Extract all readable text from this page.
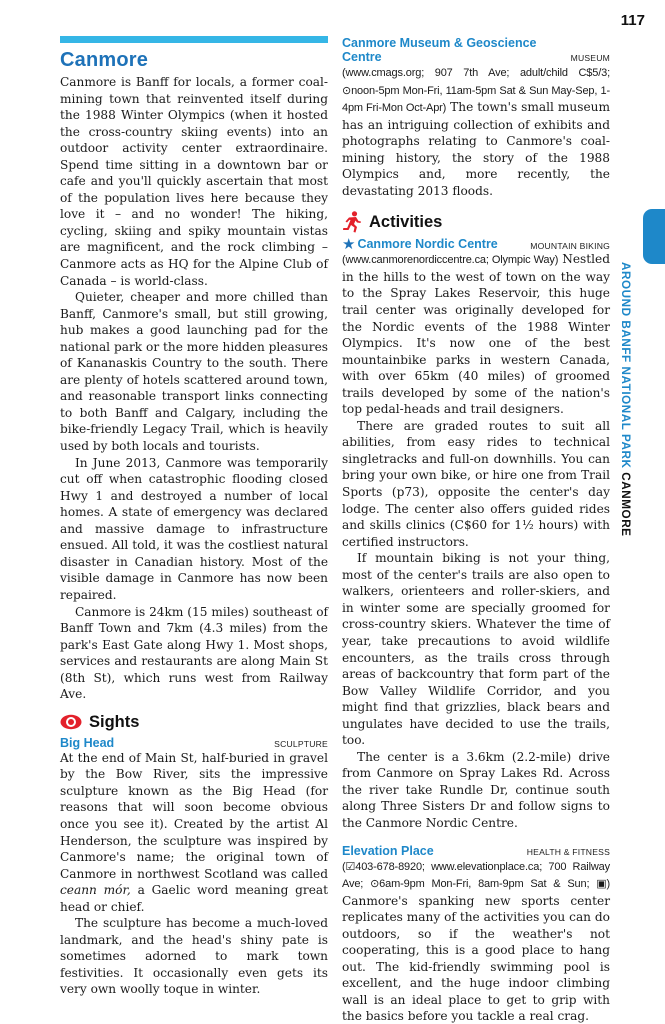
117
AROUND BANFF NATIONAL PARK CANMORE
Canmore

Canmore is Banff for locals, a former coal-mining town that reinvented itself during the 1988 Winter Olympics (when it hosted the cross-country skiing events) into an outdoor activity center extraordinaire. Spend time sitting in a downtown bar or cafe and you'll quickly ascertain that most of the population lives here because they love it – and no wonder! The hiking, cycling, skiing and spiky mountain vistas are magnificent, and the rock climbing – Canmore acts as HQ for the Alpine Club of Canada – is world-class.

Quieter, cheaper and more chilled than Banff, Canmore's small, but still growing, hub makes a good launching pad for the national park or the more hidden pleasures of Kananaskis Country to the south. There are plenty of hotels scattered around town, and reasonable transport links connecting to both Banff and Calgary, including the bike-friendly Legacy Trail, which is heavily used by both locals and tourists.

In June 2013, Canmore was temporarily cut off when catastrophic flooding closed Hwy 1 and destroyed a number of local homes. A state of emergency was declared and massive damage to infrastructure ensued. All told, it was the costliest natural disaster in Canadian history. Most of the visible damage in Canmore has now been repaired.

Canmore is 24km (15 miles) southeast of Banff Town and 7km (4.3 miles) from the park's East Gate along Hwy 1. Most shops, services and restaurants are along Main St (8th St), which runs west from Railway Ave.

Sights
Big Head	SCULPTURE

At the end of Main St, half-buried in gravel by the Bow River, sits the impressive sculpture known as the Big Head (for reasons that will soon become obvious once you see it). Created by the artist Al Henderson, the sculpture was inspired by Canmore's name; the original town of Canmore in northwest Scotland was called ceann mór, a Gaelic word meaning great head or chief.

The sculpture has become a much-loved landmark, and the head's shiny pate is sometimes adorned to mark town festivities. It occasionally even gets its very own woolly toque in winter.

Canmore Museum & Geoscience
Centre	MUSEUM

(www.cmags.org; 907 7th Ave; adult/child C$5/3; ⊙noon-5pm Mon-Fri, 11am-5pm Sat & Sun May-Sep, 1-4pm Fri-Mon Oct-Apr) The town's small museum has an intriguing collection of exhibits and photographs relating to Canmore's coal-mining history, the story of the 1988 Olympics and, more recently, the devastating 2013 floods.

Activities
★ Canmore Nordic Centre	MOUNTAIN BIKING

(www.canmorenordiccentre.ca; Olympic Way) Nestled in the hills to the west of town on the way to the Spray Lakes Reservoir, this huge trail center was originally developed for the Nordic events of the 1988 Winter Olympics. It's now one of the best mountainbike parks in western Canada, with over 65km (40 miles) of groomed trails developed by some of the nation's top pedal-heads and trail designers.

There are graded routes to suit all abilities, from easy rides to technical singletracks and full-on downhills. You can bring your own bike, or hire one from Trail Sports (p73), opposite the center's day lodge. The center also offers guided rides and skills clinics (C$60 for 1½ hours) with certified instructors.

If mountain biking is not your thing, most of the center's trails are also open to walkers, orienteers and roller-skiers, and in winter some are specially groomed for cross-country skiers. Whatever the time of year, take precautions to avoid wildlife encounters, as the trails cross through areas of backcountry that form part of the Bow Valley Wildlife Corridor, and you might find that grizzlies, black bears and ungulates have decided to use the trails, too.

The center is a 3.6km (2.2-mile) drive from Canmore on Spray Lakes Rd. Across the river take Rundle Dr, continue south along Three Sisters Dr and follow signs to the Canmore Nordic Centre.

Elevation Place	HEALTH & FITNESS

(☑403-678-8920; www.elevationplace.ca; 700 Railway Ave; ⊙6am-9pm Mon-Fri, 8am-9pm Sat & Sun; ▣) Canmore's spanking new sports center replicates many of the activities you can do outdoors, so if the weather's not cooperating, this is a good place to hang out. The kid-friendly swimming pool is excellent, and the huge indoor climbing wall is an ideal place to get to grip with the basics before you tackle a real crag.
